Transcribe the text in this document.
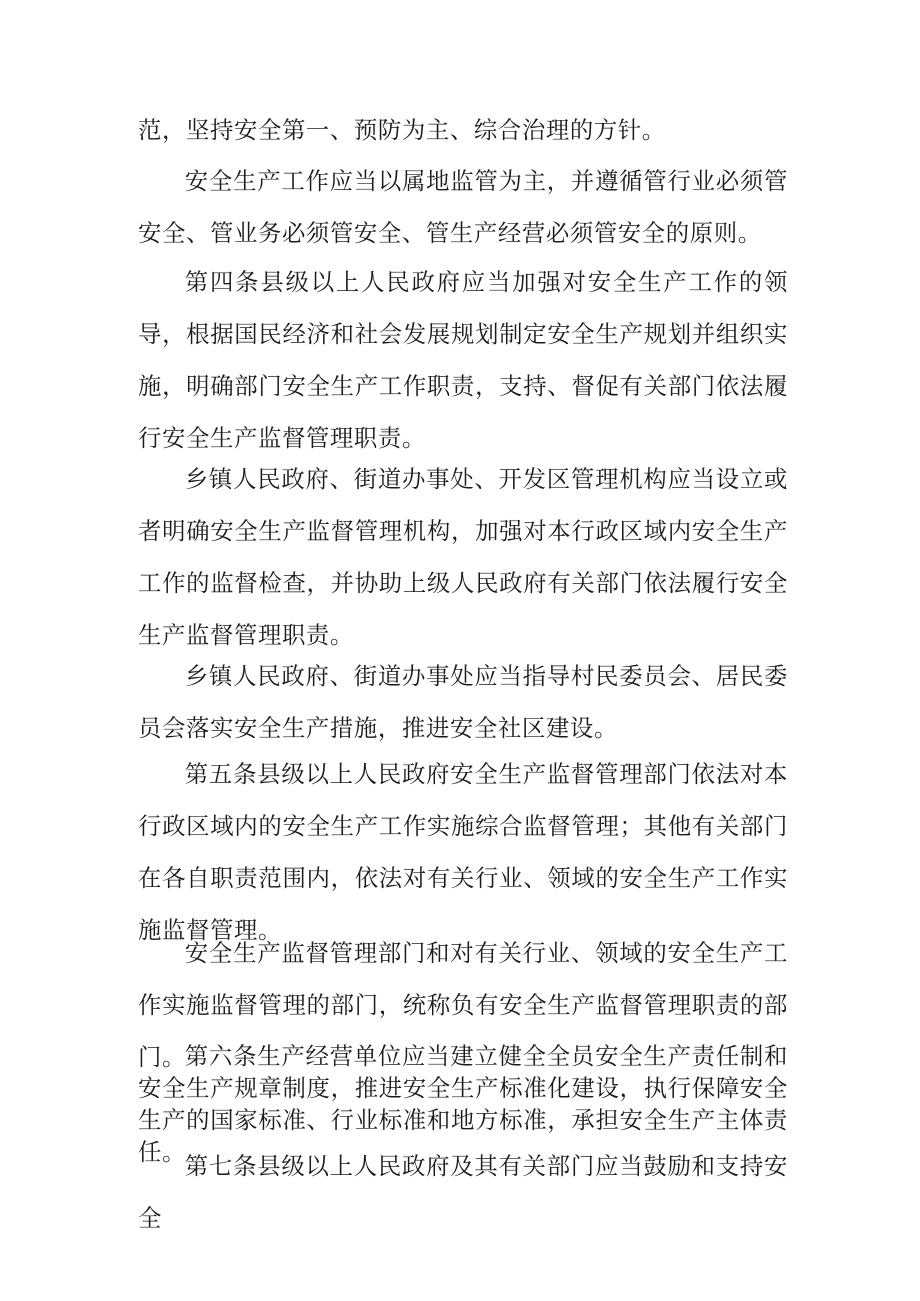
范，坚持安全第一、预防为主、综合治理的方针。

安全生产工作应当以属地监管为主，并遵循管行业必须管安全、管业务必须管安全、管生产经营必须管安全的原则。

第四条县级以上人民政府应当加强对安全生产工作的领导，根据国民经济和社会发展规划制定安全生产规划并组织实施，明确部门安全生产工作职责，支持、督促有关部门依法履行安全生产监督管理职责。

乡镇人民政府、街道办事处、开发区管理机构应当设立或者明确安全生产监督管理机构，加强对本行政区域内安全生产工作的监督检查，并协助上级人民政府有关部门依法履行安全生产监督管理职责。

乡镇人民政府、街道办事处应当指导村民委员会、居民委员会落实安全生产措施，推进安全社区建设。

第五条县级以上人民政府安全生产监督管理部门依法对本行政区域内的安全生产工作实施综合监督管理；其他有关部门在各自职责范围内，依法对有关行业、领域的安全生产工作实施监督管理。

安全生产监督管理部门和对有关行业、领域的安全生产工作实施监督管理的部门，统称负有安全生产监督管理职责的部门。

第六条生产经营单位应当建立健全全员安全生产责任制和安全生产规章制度，推进安全生产标准化建设，执行保障安全生产的国家标准、行业标准和地方标准，承担安全生产主体责任。

第七条县级以上人民政府及其有关部门应当鼓励和支持安全
